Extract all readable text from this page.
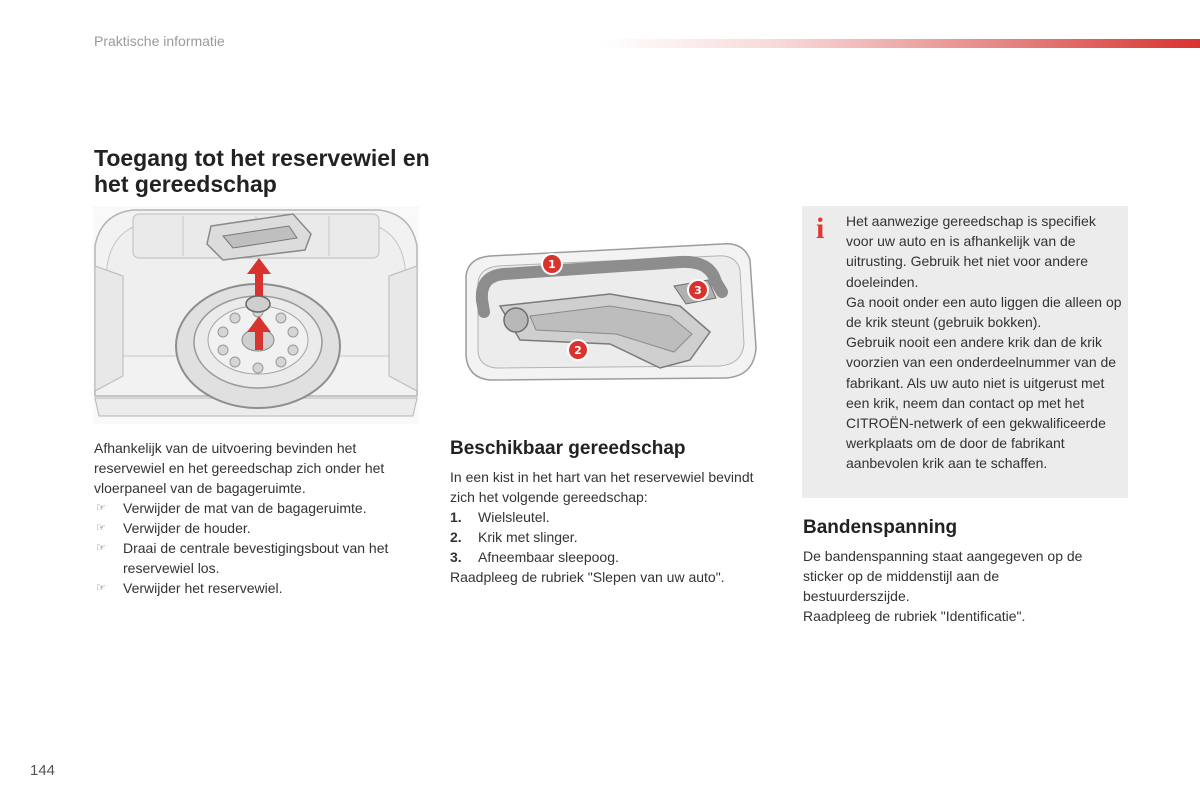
Praktische informatie
Toegang tot het reservewiel en het gereedschap
1
2
3

Afhankelijk van de uitvoering bevinden het reservewiel en het gereedschap zich onder het vloerpaneel van de bagageruimte.

☞ Verwijder de mat van de bagageruimte.
☞ Verwijder de houder.
☞ Draai de centrale bevestigingsbout van het reservewiel los.
☞ Verwijder het reservewiel.
Beschikbaar gereedschap

In een kist in het hart van het reservewiel bevindt zich het volgende gereedschap:

1. Wielsleutel.
2. Krik met slinger.
3. Afneembaar sleepoog.

Raadpleeg de rubriek "Slepen van uw auto".

i Het aanwezige gereedschap is specifiek voor uw auto en is afhankelijk van de uitrusting. Gebruik het niet voor andere doeleinden.

Ga nooit onder een auto liggen die alleen op de krik steunt (gebruik bokken).

Gebruik nooit een andere krik dan de krik voorzien van een onderdeelnummer van de fabrikant. Als uw auto niet is uitgerust met een krik, neem dan contact op met het CITROËN-netwerk of een gekwalificeerde werkplaats om de door de fabrikant aanbevolen krik aan te schaffen.

Bandenspanning

De bandenspanning staat aangegeven op de sticker op de middenstijl aan de bestuurderszijde.

Raadpleeg de rubriek "Identificatie".

144
